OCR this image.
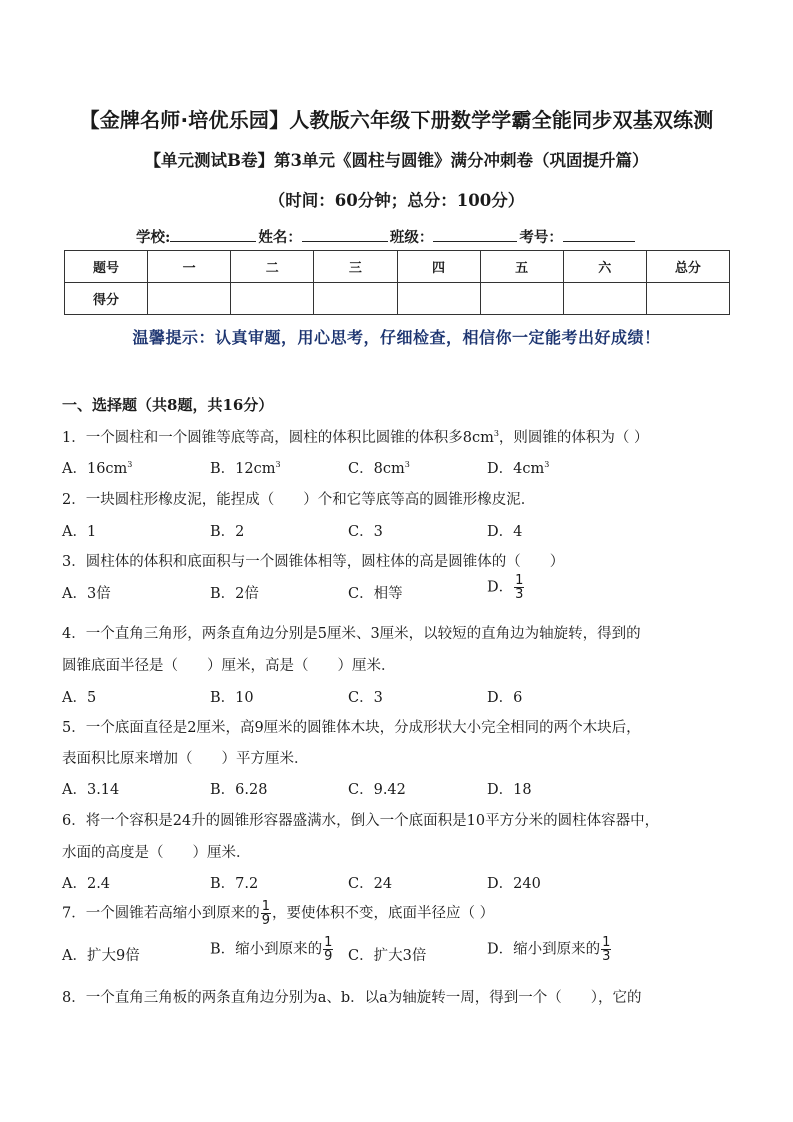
【金牌名师·培优乐园】人教版六年级下册数学学霸全能同步双基双练测
【单元测试B卷】第3单元《圆柱与圆锥》满分冲刺卷（巩固提升篇）
（时间：60分钟；总分：100分）
学校:	姓名：	班级：	考号：
题号	一	二	三	四	五	六	总分
得分							
温馨提示：认真审题，用心思考，仔细检查，相信你一定能考出好成绩！
一、选择题（共8题，共16分）
1．一个圆柱和一个圆锥等底等高，圆柱的体积比圆锥的体积多$8cm^3$，则圆锥的体积为（ ）
A．$16cm^3$	B．$12cm^3$	C．$8cm^3$	D．$4cm^3$
2．一块圆柱形橡皮泥，能捏成（　　）个和它等底等高的圆锥形橡皮泥．
A．1	B．2	C．3	D．4
3．圆柱体的体积和底面积与一个圆锥体相等，圆柱体的高是圆锥体的（　　）
A．3倍	B．2倍	C．相等	D． $\frac{1}{3}$
4．一个直角三角形，两条直角边分别是5厘米、3厘米，以较短的直角边为轴旋转，得到的
圆锥底面半径是（　　）厘米，高是（　　）厘米．
A．5	B．10	C．3	D．6
5．一个底面直径是2厘米，高9厘米的圆锥体木块，分成形状大小完全相同的两个木块后，
表面积比原来增加（　　）平方厘米．
A．3.14	B．6.28	C．9.42	D．18
6．将一个容积是24升的圆锥形容器盛满水，倒入一个底面积是10平方分米的圆柱体容器中，
水面的高度是（　　）厘米．
A．2.4	B．7.2	C．24	D．240
7．一个圆锥若高缩小到原来的 $\frac{1}{9}$ ，要使体积不变，底面半径应（ ）
A．扩大9倍	B．缩小到原来的 $\frac{1}{9}$ C．扩大3倍	D．缩小到原来的 $\frac{1}{3}$
8．一个直角三角板的两条直角边分别为a、b．以a为轴旋转一周，得到一个（　　），它的
